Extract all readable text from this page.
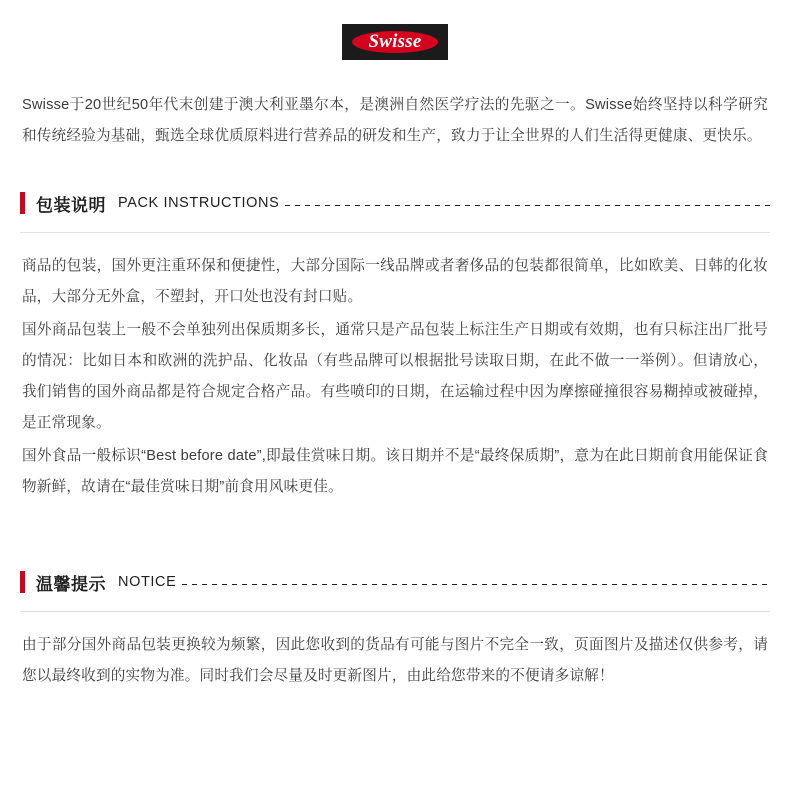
Swisse
Swisse于20世纪50年代末创建于澳大利亚墨尔本，是澳洲自然医学疗法的先驱之一。Swisse始终坚持以科学研究和传统经验为基础，甄选全球优质原料进行营养品的研发和生产，致力于让全世界的人们生活得更健康、更快乐。
包装说明 PACK INSTRUCTIONS

商品的包装，国外更注重环保和便捷性，大部分国际一线品牌或者奢侈品的包装都很简单，比如欧美、日韩的化妆品，大部分无外盒，不塑封，开口处也没有封口贴。

国外商品包装上一般不会单独列出保质期多长，通常只是产品包装上标注生产日期或有效期，也有只标注出厂批号的情况：比如日本和欧洲的洗护品、化妆品（有些品牌可以根据批号读取日期，在此不做一一举例）。但请放心，我们销售的国外商品都是符合规定合格产品。有些喷印的日期，在运输过程中因为摩擦碰撞很容易糊掉或被碰掉，是正常现象。

国外食品一般标识“Best before date”,即最佳赏味日期。该日期并不是“最终保质期”，意为在此日期前食用能保证食物新鲜，故请在“最佳赏味日期”前食用风味更佳。

温馨提示 NOTICE

由于部分国外商品包装更换较为频繁，因此您收到的货品有可能与图片不完全一致，页面图片及描述仅供参考，请您以最终收到的实物为准。同时我们会尽量及时更新图片，由此给您带来的不便请多谅解！
